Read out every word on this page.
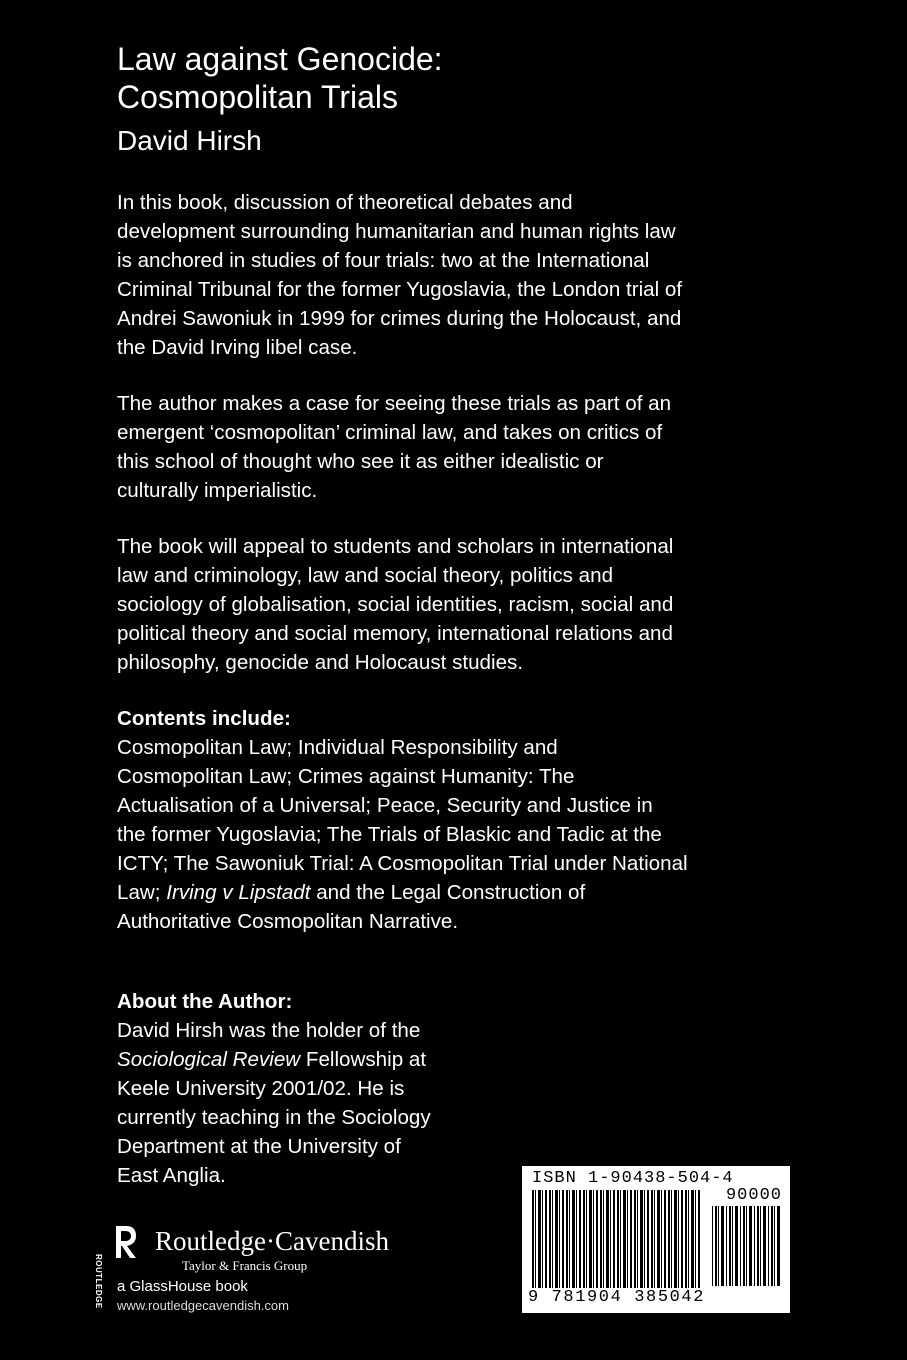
Law against Genocide:
Cosmopolitan Trials
David Hirsh

In this book, discussion of theoretical debates and
development surrounding humanitarian and human rights law
is anchored in studies of four trials: two at the International
Criminal Tribunal for the former Yugoslavia, the London trial of
Andrei Sawoniuk in 1999 for crimes during the Holocaust, and
the David Irving libel case.

The author makes a case for seeing these trials as part of an
emergent ‘cosmopolitan’ criminal law, and takes on critics of
this school of thought who see it as either idealistic or
culturally imperialistic.

The book will appeal to students and scholars in international
law and criminology, law and social theory, politics and
sociology of globalisation, social identities, racism, social and
political theory and social memory, international relations and
philosophy, genocide and Holocaust studies.

Contents include:
Cosmopolitan Law; Individual Responsibility and
Cosmopolitan Law; Crimes against Humanity: The
Actualisation of a Universal; Peace, Security and Justice in
the former Yugoslavia; The Trials of Blaskic and Tadic at the
ICTY; The Sawoniuk Trial: A Cosmopolitan Trial under National
Law; Irving v Lipstadt and the Legal Construction of
Authoritative Cosmopolitan Narrative.
About the Author:
David Hirsh was the holder of the
Sociological Review Fellowship at
Keele University 2001/02. He is
currently teaching in the Sociology
Department at the University of
East Anglia.
ROUTLEDGE
Routledge·Cavendish
Taylor & Francis Group
a GlassHouse book
www.routledgecavendish.com
ISBN 1-90438-504-4
90000
9 781904 385042
